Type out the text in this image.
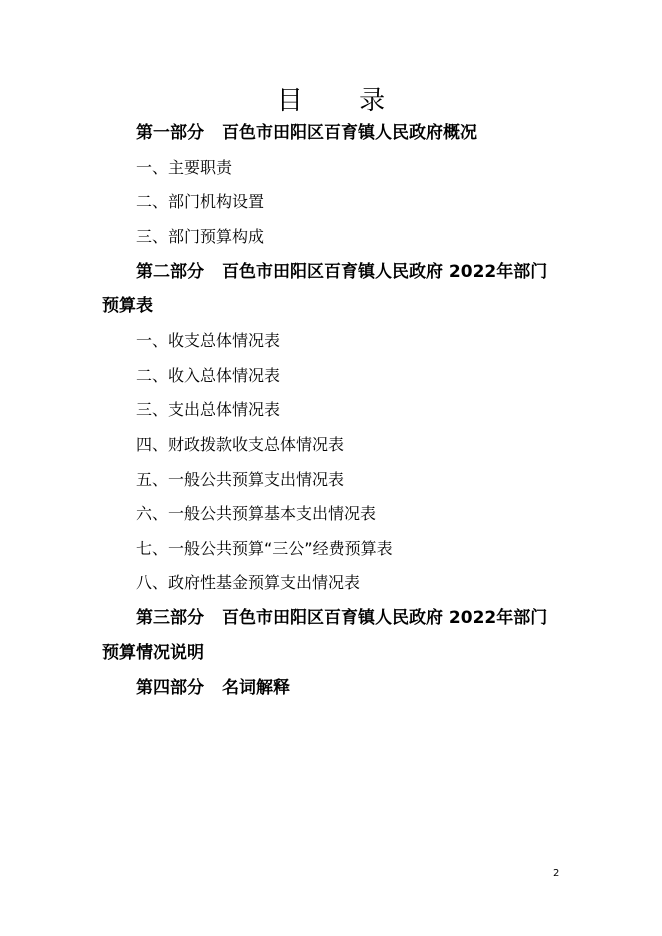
目 录
第一部分 百色市田阳区百育镇人民政府概况
一、主要职责
二、部门机构设置
三、部门预算构成
第二部分 百色市田阳区百育镇人民政府 2022年部门
预算表
一、收支总体情况表
二、收入总体情况表
三、支出总体情况表
四、财政拨款收支总体情况表
五、一般公共预算支出情况表
六、一般公共预算基本支出情况表
七、一般公共预算“三公”经费预算表
八、政府性基金预算支出情况表
第三部分 百色市田阳区百育镇人民政府 2022年部门
预算情况说明
第四部分 名词解释
2
